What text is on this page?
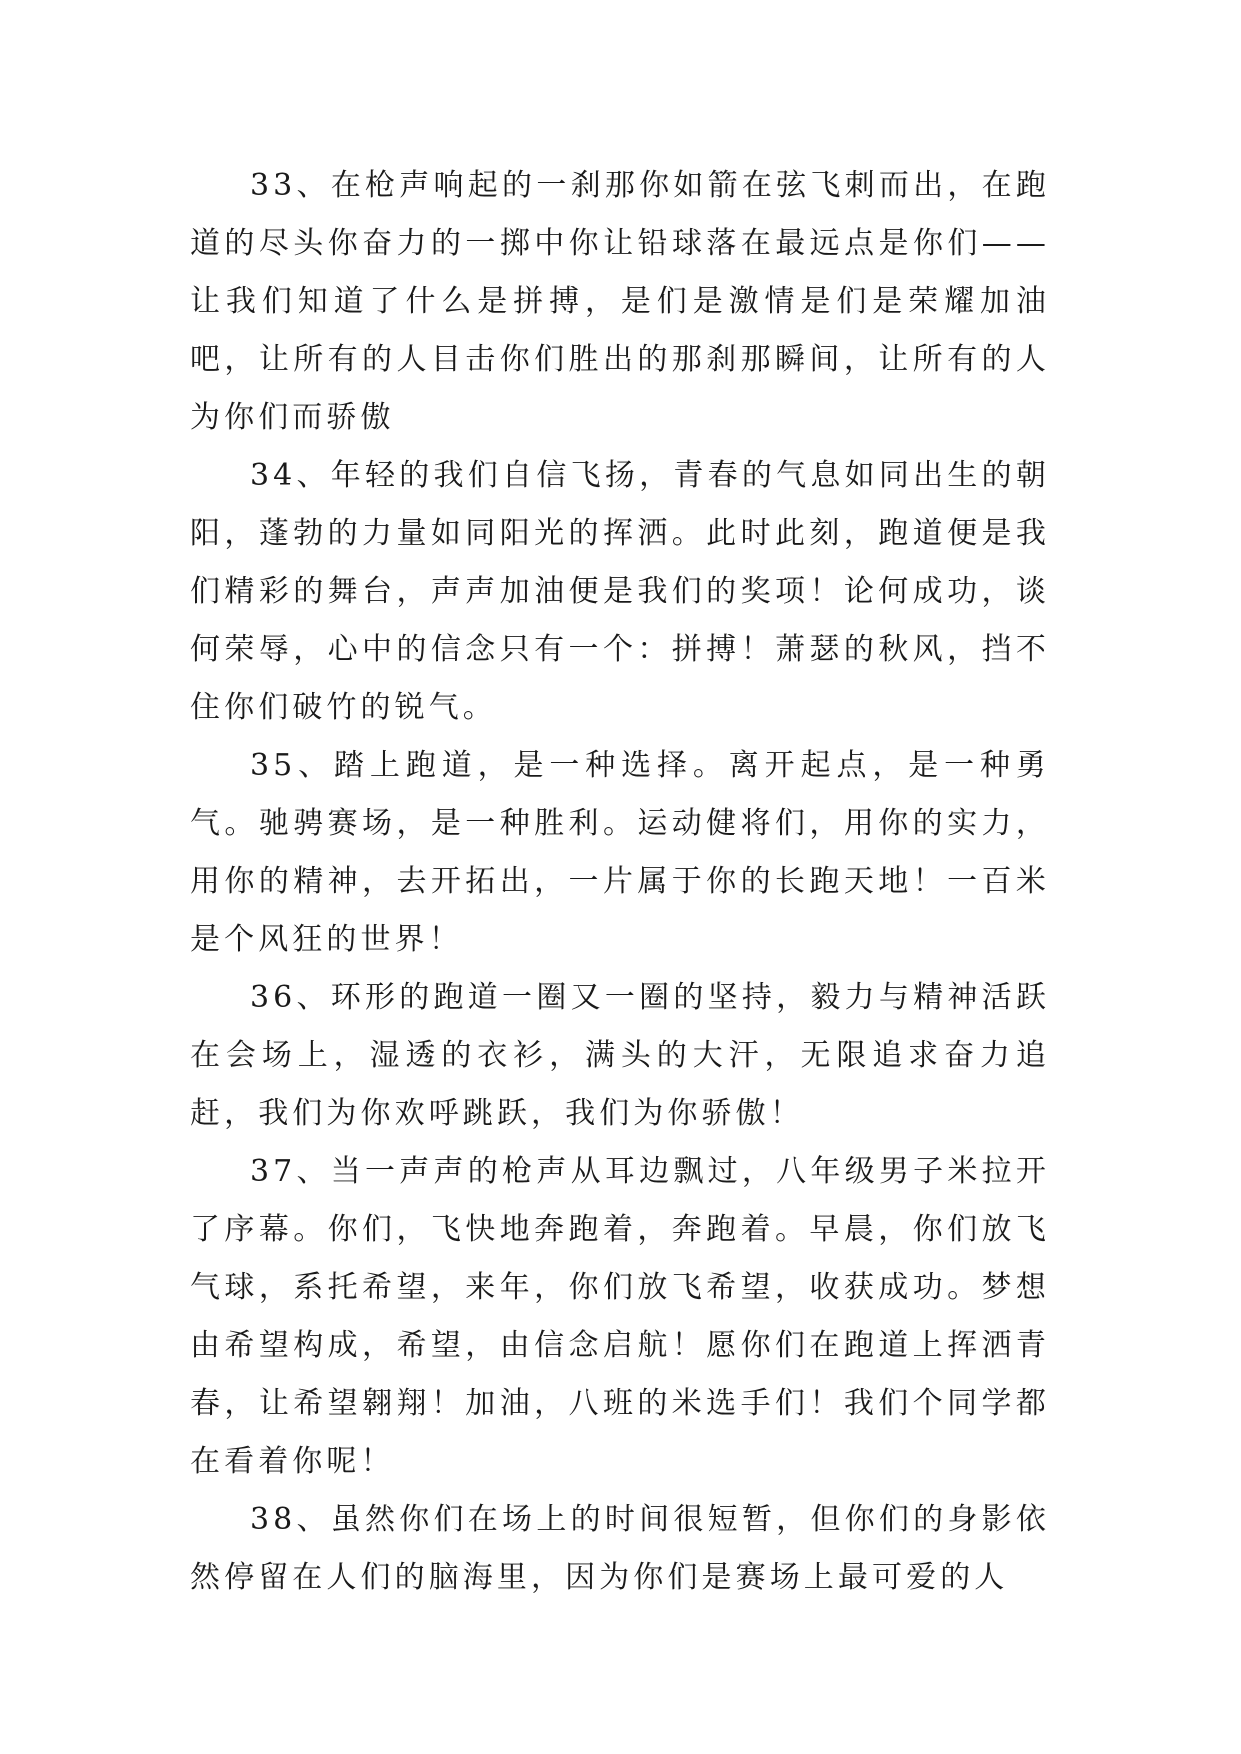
33、在枪声响起的一刹那你如箭在弦飞刺而出，在跑道的尽头你奋力的一掷中你让铅球落在最远点是你们——让我们知道了什么是拼搏，是们是激情是们是荣耀加油吧，让所有的人目击你们胜出的那刹那瞬间，让所有的人为你们而骄傲

34、年轻的我们自信飞扬，青春的气息如同出生的朝阳，蓬勃的力量如同阳光的挥洒。此时此刻，跑道便是我们精彩的舞台，声声加油便是我们的奖项！论何成功，谈何荣辱，心中的信念只有一个：拼搏！萧瑟的秋风，挡不住你们破竹的锐气。

35、踏上跑道，是一种选择。离开起点，是一种勇气。驰骋赛场，是一种胜利。运动健将们，用你的实力，用你的精神，去开拓出，一片属于你的长跑天地！一百米是个风狂的世界！

36、环形的跑道一圈又一圈的坚持，毅力与精神活跃在会场上，湿透的衣衫，满头的大汗，无限追求奋力追赶，我们为你欢呼跳跃，我们为你骄傲！

37、当一声声的枪声从耳边飘过，八年级男子米拉开了序幕。你们，飞快地奔跑着，奔跑着。早晨，你们放飞气球，系托希望，来年，你们放飞希望，收获成功。梦想由希望构成，希望，由信念启航！愿你们在跑道上挥洒青春，让希望翱翔！加油，八班的米选手们！我们个同学都在看着你呢！

38、虽然你们在场上的时间很短暂，但你们的身影依然停留在人们的脑海里，因为你们是赛场上最可爱的人
